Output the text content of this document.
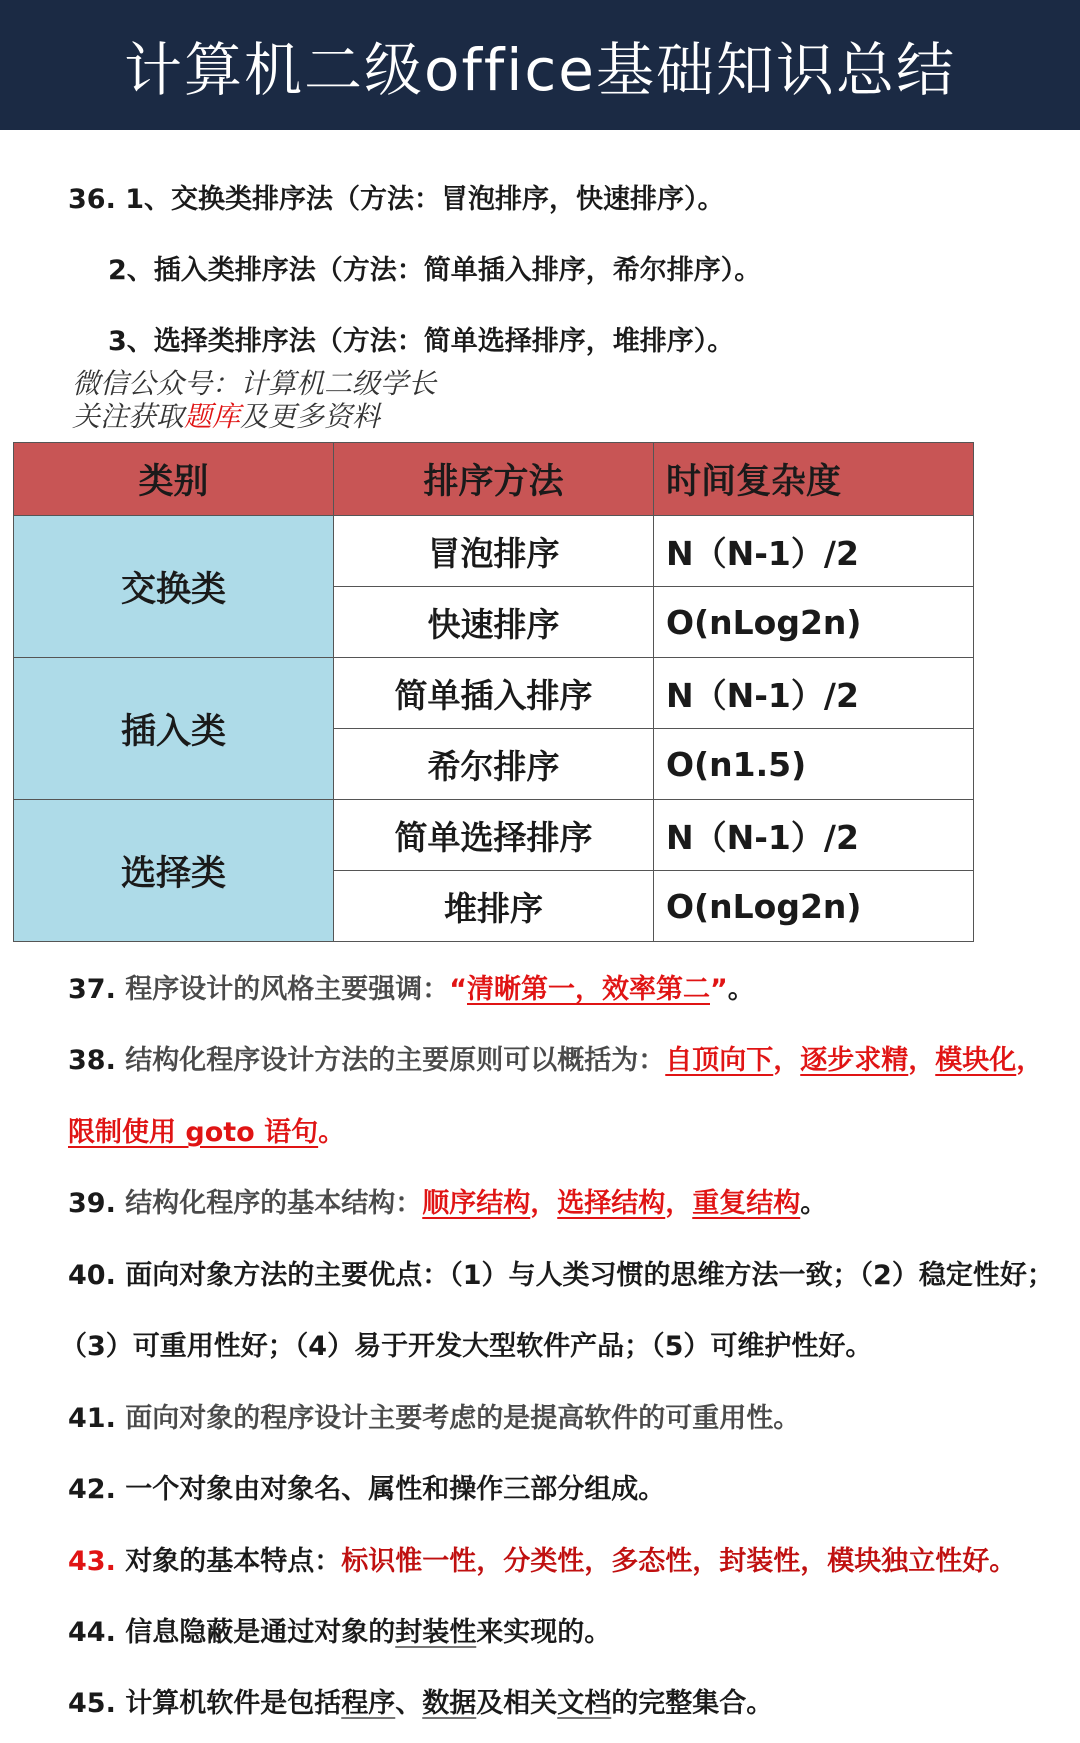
计算机二级office基础知识总结
36. 1、交换类排序法（方法：冒泡排序，快速排序）。
2、插入类排序法（方法：简单插入排序，希尔排序）。
3、选择类排序法（方法：简单选择排序，堆排序）。
微信公众号：计算机二级学长
关注获取题库及更多资料
类别	排序方法	时间复杂度
交换类	冒泡排序	N（N-1）/2
	快速排序	O(nLog2n)
插入类	简单插入排序	N（N-1）/2
	希尔排序	O(n1.5)
选择类	简单选择排序	N（N-1）/2
	堆排序	O(nLog2n)
37. 程序设计的风格主要强调：“清晰第一，效率第二”。
38. 结构化程序设计方法的主要原则可以概括为：自顶向下，逐步求精，模块化，
限制使用 goto 语句。
39. 结构化程序的基本结构：顺序结构，选择结构，重复结构。
40. 面向对象方法的主要优点：（1）与人类习惯的思维方法一致；（2）稳定性好；
（3）可重用性好；（4）易于开发大型软件产品；（5）可维护性好。
41. 面向对象的程序设计主要考虑的是提高软件的可重用性。
42. 一个对象由对象名、属性和操作三部分组成。
43. 对象的基本特点：标识惟一性，分类性，多态性，封装性，模块独立性好。
44. 信息隐蔽是通过对象的封装性来实现的。
45. 计算机软件是包括程序、数据及相关文档的完整集合。
